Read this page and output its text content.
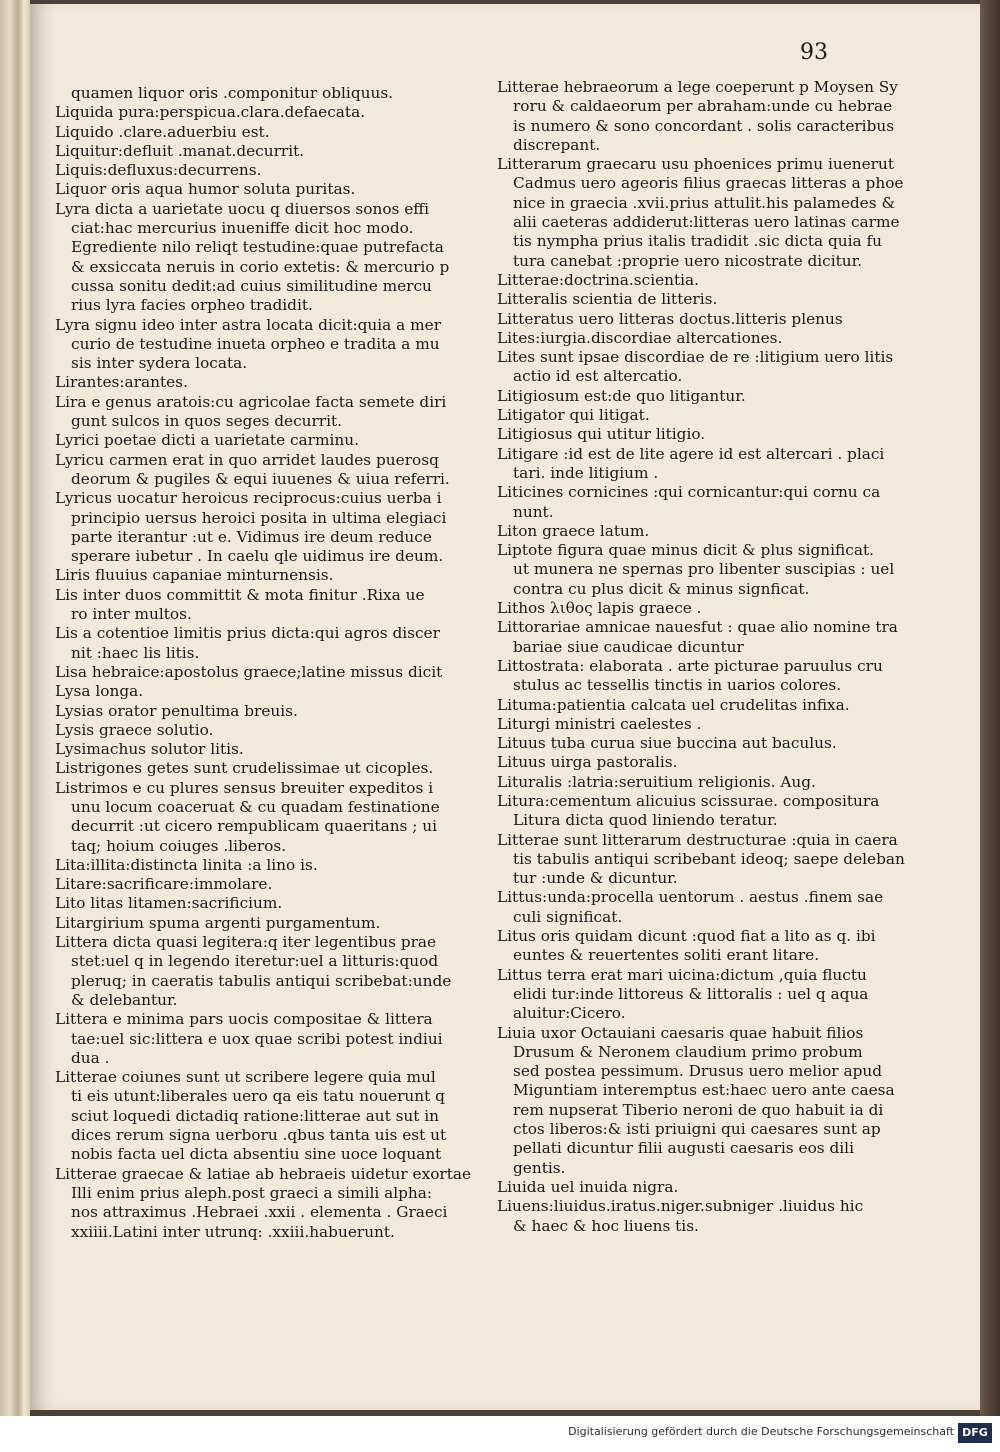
93
quamen liquor oris .componitur obliquus.
Liquida pura:perspicua.clara.defaecata.
Liquido .clare.aduerbiu est.
Liquitur:defluit .manat.decurrit.
Liquis:defluxus:decurrens.
Liquor oris aqua humor soluta puritas.
Lyra dicta a uarietate uocu q diuersos sonos effi
ciat:hac mercurius inueniffe dicit hoc modo.
Egrediente nilo reliqt testudine:quae putrefacta
& exsiccata neruis in corio extetis: & mercurio p
cussa sonitu dedit:ad cuius similitudine mercu
rius lyra facies orpheo tradidit.
Lyra signu ideo inter astra locata dicit:quia a mer
curio de testudine inueta orpheo e tradita a mu
sis inter sydera locata.
Lirantes:arantes.
Lira e genus aratois:cu agricolae facta semete diri
gunt sulcos in quos seges decurrit.
Lyrici poetae dicti a uarietate carminu.
Lyricu carmen erat in quo arridet laudes puerosq
deorum & pugiles & equi iuuenes & uiua referri.
Lyricus uocatur heroicus reciprocus:cuius uerba i
principio uersus heroici posita in ultima elegiaci
parte iterantur :ut e. Vidimus ire deum reduce
sperare iubetur . In caelu qle uidimus ire deum.
Liris fluuius capaniae minturnensis.
Lis inter duos committit & mota finitur .Rixa ue
ro inter multos.
Lis a cotentioe limitis prius dicta:qui agros discer
nit :haec lis litis.
Lisa hebraice:apostolus graece;latine missus dicit
Lysa longa.
Lysias orator penultima breuis.
Lysis graece solutio.
Lysimachus solutor litis.
Listrigones getes sunt crudelissimae ut cicoples.
Listrimos e cu plures sensus breuiter expeditos i
unu locum coaceruat & cu quadam festinatione
decurrit :ut cicero rempublicam quaeritans ; ui
taq; hoium coiuges .liberos.
Lita:illita:distincta linita :a lino is.
Litare:sacrificare:immolare.
Lito litas litamen:sacrificium.
Litargirium spuma argenti purgamentum.
Littera dicta quasi legitera:q iter legentibus prae
stet:uel q in legendo iteretur:uel a litturis:quod
pleruq; in caeratis tabulis antiqui scribebat:unde
& delebantur.
Littera e minima pars uocis compositae & littera
tae:uel sic:littera e uox quae scribi potest indiui
dua .
Litterae coiunes sunt ut scribere legere quia mul
ti eis utunt:liberales uero qa eis tatu nouerunt q
sciut loquedi dictadiq ratione:litterae aut sut in
dices rerum signa uerboru .qbus tanta uis est ut
nobis facta uel dicta absentiu sine uoce loquant
Litterae graecae & latiae ab hebraeis uidetur exortae
Illi enim prius aleph.post graeci a simili alpha:
nos attraximus .Hebraei .xxii . elementa . Graeci
xxiiii.Latini inter utrunq: .xxiii.habuerunt.
Litterae hebraeorum a lege coeperunt p Moysen Sy
roru & caldaeorum per abraham:unde cu hebrae
is numero & sono concordant . solis caracteribus
discrepant.
Litterarum graecaru usu phoenices primu iuenerut
Cadmus uero ageoris filius graecas litteras a phoe
nice in graecia .xvii.prius attulit.his palamedes &
alii caeteras addiderut:litteras uero latinas carme
tis nympha prius italis tradidit .sic dicta quia fu
tura canebat :proprie uero nicostrate dicitur.
Litterae:doctrina.scientia.
Litteralis scientia de litteris.
Litteratus uero litteras doctus.litteris plenus
Lites:iurgia.discordiae altercationes.
Lites sunt ipsae discordiae de re :litigium uero litis
actio id est altercatio.
Litigiosum est:de quo litigantur.
Litigator qui litigat.
Litigiosus qui utitur litigio.
Litigare :id est de lite agere id est altercari . placi
tari. inde litigium .
Liticines cornicines :qui cornicantur:qui cornu ca
nunt.
Liton graece latum.
Liptote figura quae minus dicit & plus significat.
ut munera ne spernas pro libenter suscipias : uel
contra cu plus dicit & minus signficat.
Lithos λιθος lapis graece .
Littorariae amnicae nauesfut : quae alio nomine tra
bariae siue caudicae dicuntur
Littostrata: elaborata . arte picturae paruulus cru
stulus ac tessellis tinctis in uarios colores.
Lituma:patientia calcata uel crudelitas infixa.
Liturgi ministri caelestes .
Lituus tuba curua siue buccina aut baculus.
Lituus uirga pastoralis.
Lituralis :latria:seruitium religionis. Aug.
Litura:cementum alicuius scissurae. compositura
Litura dicta quod liniendo teratur.
Litterae sunt litterarum destructurae :quia in caera
tis tabulis antiqui scribebant ideoq; saepe deleban
tur :unde & dicuntur.
Littus:unda:procella uentorum . aestus .finem sae
culi significat.
Litus oris quidam dicunt :quod fiat a lito as q. ibi
euntes & reuertentes soliti erant litare.
Littus terra erat mari uicina:dictum ,quia fluctu
elidi tur:inde littoreus & littoralis : uel q aqua
aluitur:Cicero.
Liuia uxor Octauiani caesaris quae habuit filios
Drusum & Neronem claudium primo probum
sed postea pessimum. Drusus uero melior apud
Miguntiam interemptus est:haec uero ante caesa
rem nupserat Tiberio neroni de quo habuit ia di
ctos liberos:& isti priuigni qui caesares sunt ap
pellati dicuntur filii augusti caesaris eos dili
gentis.
Liuida uel inuida nigra.
Liuens:liuidus.iratus.niger.subniger .liuidus hic
& haec & hoc liuens tis.
Digitalisierung gefördert durch die Deutsche Forschungsgemeinschaft DFG
